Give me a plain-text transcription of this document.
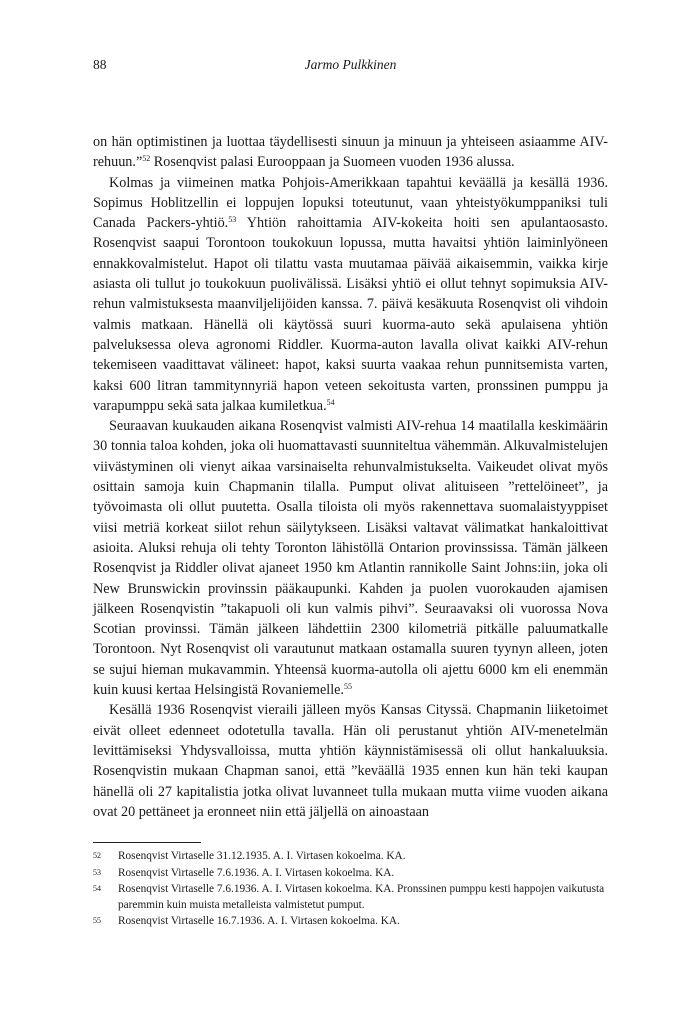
88	Jarmo Pulkkinen

on hän optimistinen ja luottaa täydellisesti sinuun ja minuun ja yhteiseen asiaamme AIV- rehuun.”$^{52}$ Rosenqvist palasi Eurooppaan ja Suomeen vuoden 1936 alussa.

Kolmas ja viimeinen matka Pohjois-Amerikkaan tapahtui keväällä ja kesällä 1936. Sopimus Hoblitzellin ei loppujen lopuksi toteutunut, vaan yhteistyökumppaniksi tuli Canada Packers-yhtiö.$^{53}$ Yhtiön rahoittamia AIV-kokeita hoiti sen apulantaosasto. Rosenqvist saapui Torontoon toukokuun lopussa, mutta havaitsi yhtiön laiminlyöneen ennakkovalmistelut. Hapot oli tilattu vasta muutamaa päivää aikaisemmin, vaikka kirje asiasta oli tullut jo toukokuun puolivälissä. Lisäksi yhtiö ei ollut tehnyt sopimuksia AIV-rehun valmistuksesta maanviljelijöiden kanssa. 7. päivä kesäkuuta Rosenqvist oli vihdoin valmis matkaan. Hänellä oli käytössä suuri kuorma-auto sekä apulaisena yhtiön palveluksessa oleva agronomi Riddler. Kuorma-auton lavalla olivat kaikki AIV-rehun tekemiseen vaadittavat välineet: hapot, kaksi suurta vaakaa rehun punnitsemista varten, kaksi 600 litran tammitynnyriä hapon veteen sekoitusta varten, pronssinen pumppu ja varapumppu sekä sata jalkaa kumiletkua.$^{54}$

Seuraavan kuukauden aikana Rosenqvist valmisti AIV-rehua 14 maatilalla keskimäärin 30 tonnia taloa kohden, joka oli huomattavasti suunniteltua vähemmän. Alkuvalmistelujen viivästyminen oli vienyt aikaa varsinaiselta rehunvalmistukselta. Vaikeudet olivat myös osittain samoja kuin Chapmanin tilalla. Pumput olivat alituiseen ”rettelöineet”, ja työvoimasta oli ollut puutetta. Osalla tiloista oli myös rakennettava suomalaistyyppiset viisi metriä korkeat siilot rehun säilytykseen. Lisäksi valtavat välimatkat hankaloittivat asioita. Aluksi rehuja oli tehty Toronton lähistöllä Ontarion provinssissa. Tämän jälkeen Rosenqvist ja Riddler olivat ajaneet 1950 km Atlantin rannikolle Saint Johns:iin, joka oli New Brunswickin provinssin pääkaupunki. Kahden ja puolen vuorokauden ajamisen jälkeen Rosenqvistin ”takapuoli oli kun valmis pihvi”. Seuraavaksi oli vuorossa Nova Scotian provinssi. Tämän jälkeen lähdettiin 2300 kilometriä pitkälle paluumatkalle Torontoon. Nyt Rosenqvist oli varautunut matkaan ostamalla suuren tyynyn alleen, joten se sujui hieman mukavammin. Yhteensä kuorma-autolla oli ajettu 6000 km eli enemmän kuin kuusi kertaa Helsingistä Rovaniemelle.$^{55}$

Kesällä 1936 Rosenqvist vieraili jälleen myös Kansas Cityssä. Chapmanin liiketoimet eivät olleet edenneet odotetulla tavalla. Hän oli perustanut yhtiön AIV-menetelmän levittämiseksi Yhdysvalloissa, mutta yhtiön käynnistämisessä oli ollut hankaluuksia. Rosenqvistin mukaan Chapman sanoi, että ”keväällä 1935 ennen kun hän teki kaupan hänellä oli 27 kapitalistia jotka olivat luvanneet tulla mukaan mutta viime vuoden aikana ovat 20 pettäneet ja eronneet niin että jäljellä on ainoastaan

52	Rosenqvist Virtaselle 31.12.1935. A. I. Virtasen kokoelma. KA.
53	Rosenqvist Virtaselle 7.6.1936. A. I. Virtasen kokoelma. KA.
54	Rosenqvist Virtaselle 7.6.1936. A. I. Virtasen kokoelma. KA. Pronssinen pumppu kesti happojen vaikutusta paremmin kuin muista metalleista valmistetut pumput.
55	Rosenqvist Virtaselle 16.7.1936. A. I. Virtasen kokoelma. KA.
